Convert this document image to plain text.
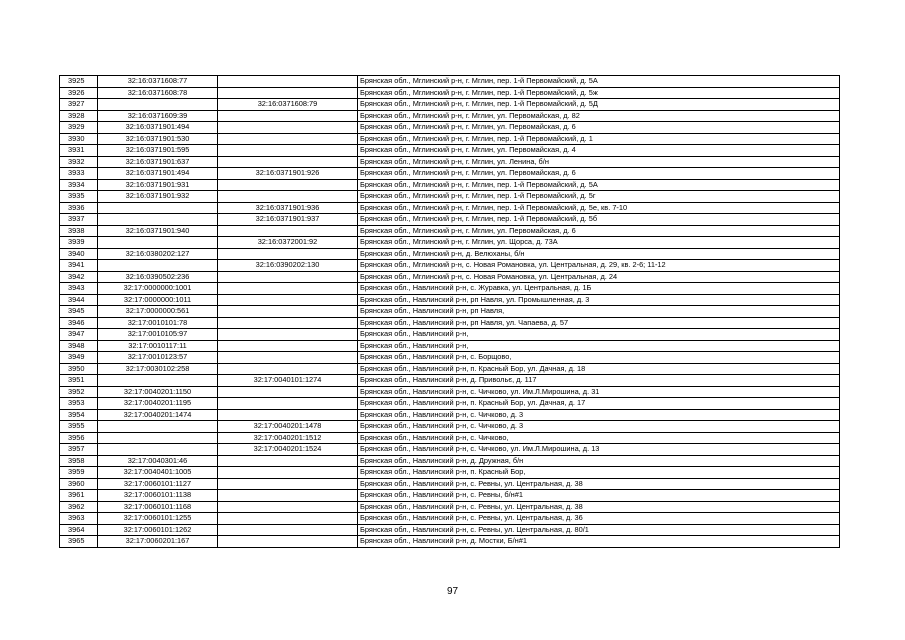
3925	32:16:0371608:77		Брянская обл., Мглинский р-н, г. Мглин, пер. 1-й Первомайский, д. 5А
3926	32:16:0371608:78		Брянская обл., Мглинский р-н, г. Мглин, пер. 1-й Первомайский, д. 5ж
3927		32:16:0371608:79	Брянская обл., Мглинский р-н, г. Мглин, пер. 1-й Первомайский, д. 5Д
3928	32:16:0371609:39		Брянская обл., Мглинский р-н, г. Мглин, ул. Первомайская, д. 82
3929	32:16:0371901:494		Брянская обл., Мглинский р-н, г. Мглин, ул. Первомайская, д. 6
3930	32:16:0371901:530		Брянская обл., Мглинский р-н, г. Мглин, пер. 1-й Первомайский, д. 1
3931	32:16:0371901:595		Брянская обл., Мглинский р-н, г. Мглин, ул. Первомайская, д. 4
3932	32:16:0371901:637		Брянская обл., Мглинский р-н, г. Мглин, ул. Ленина, б/н
3933	32:16:0371901:494	32:16:0371901:926	Брянская обл., Мглинский р-н, г. Мглин, ул. Первомайская, д. 6
3934	32:16:0371901:931		Брянская обл., Мглинский р-н, г. Мглин, пер. 1-й Первомайский, д. 5А
3935	32:16:0371901:932		Брянская обл., Мглинский р-н, г. Мглин, пер. 1-й Первомайский, д. 5г
3936		32:16:0371901:936	Брянская обл., Мглинский р-н, г. Мглин, пер. 1-й Первомайский, д. 5е, кв. 7-10
3937		32:16:0371901:937	Брянская обл., Мглинский р-н, г. Мглин, пер. 1-й Первомайский, д. 5б
3938	32:16:0371901:940		Брянская обл., Мглинский р-н, г. Мглин, ул. Первомайская, д. 6
3939		32:16:0372001:92	Брянская обл., Мглинский р-н, г. Мглин, ул. Щорса, д. 73А
3940	32:16:0380202:127		Брянская обл., Мглинский р-н, д. Велюханы, б/н
3941		32:16:0390202:130	Брянская обл., Мглинский р-н, с. Новая Романовка, ул. Центральная, д. 29, кв. 2-6; 11-12
3942	32:16:0390502:236		Брянская обл., Мглинский р-н, с. Новая Романовка, ул. Центральная, д. 24
3943	32:17:0000000:1001		Брянская обл., Навлинский р-н, с. Журавка, ул. Центральная, д. 1Б
3944	32:17:0000000:1011		Брянская обл., Навлинский р-н, рп Навля, ул. Промышленная, д. 3
3945	32:17:0000000:561		Брянская обл., Навлинский р-н, рп Навля,
3946	32:17:0010101:78		Брянская обл., Навлинский р-н, рп Навля, ул. Чапаева, д. 57
3947	32:17:0010105:97		Брянская обл., Навлинский р-н,
3948	32:17:0010117:11		Брянская обл., Навлинский р-н,
3949	32:17:0010123:57		Брянская обл., Навлинский р-н, с. Борщово,
3950	32:17:0030102:258		Брянская обл., Навлинский р-н, п. Красный Бор, ул. Дачная, д. 18
3951		32:17:0040101:1274	Брянская обл., Навлинский р-н, д. Привольє, д. 117
3952	32:17:0040201:1150		Брянская обл., Навлинский р-н, с. Чичково, ул. Им.Л.Мирошина, д. 31
3953	32:17:0040201:1195		Брянская обл., Навлинский р-н, п. Красный Бор, ул. Дачная, д. 17
3954	32:17:0040201:1474		Брянская обл., Навлинский р-н, с. Чичково, д. 3
3955		32:17:0040201:1478	Брянская обл., Навлинский р-н, с. Чичково, д. 3
3956		32:17:0040201:1512	Брянская обл., Навлинский р-н, с. Чичково,
3957		32:17:0040201:1524	Брянская обл., Навлинский р-н, с. Чичково, ул. Им.Л.Мирошина, д. 13
3958	32:17:0040301:46		Брянская обл., Навлинский р-н, д. Дружная, б/н
3959	32:17:0040401:1005		Брянская обл., Навлинский р-н, п. Красный Бор,
3960	32:17:0060101:1127		Брянская обл., Навлинский р-н, с. Ревны, ул. Центральная, д. 38
3961	32:17:0060101:1138		Брянская обл., Навлинский р-н, с. Ревны, б/н#1
3962	32:17:0060101:1168		Брянская обл., Навлинский р-н, с. Ревны, ул. Центральная, д. 38
3963	32:17:0060101:1255		Брянская обл., Навлинский р-н, с. Ревны, ул. Центральная, д. 36
3964	32:17:0060101:1262		Брянская обл., Навлинский р-н, с. Ревны, ул. Центральная, д. 80/1
3965	32:17:0060201:167		Брянская обл., Навлинский р-н, д. Мостки, Б/н#1
97
